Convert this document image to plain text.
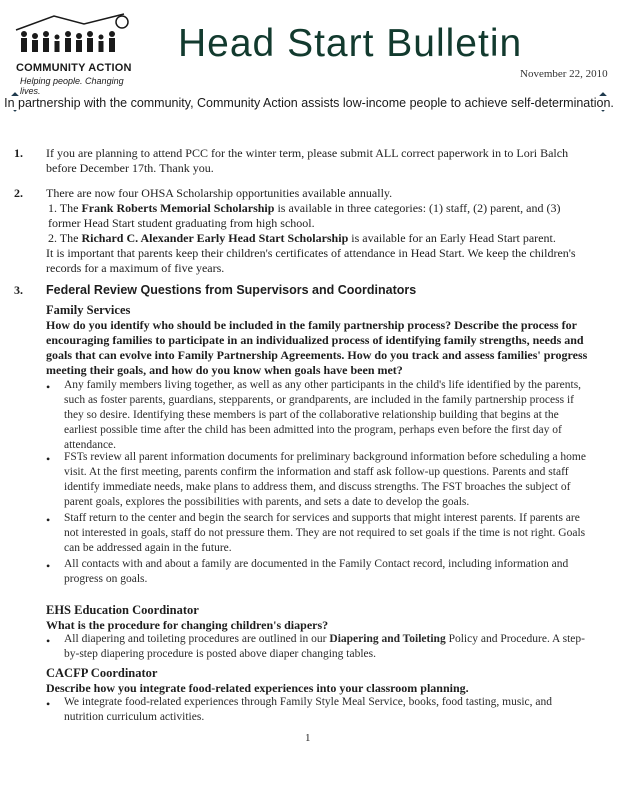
COMMUNITY ACTION
Helping people. Changing lives.
Head Start Bulletin
November 22, 2010
In partnership with the community, Community Action assists low-income people to achieve self-determination.
1. If you are planning to attend PCC for the winter term, please submit ALL correct paperwork in to Lori Balch before December 17th. Thank you.
2. There are now four OHSA Scholarship opportunities available annually.
1. The Frank Roberts Memorial Scholarship is available in three categories: (1) staff, (2) parent, and (3) former Head Start student graduating from high school.
2. The Richard C. Alexander Early Head Start Scholarship is available for an Early Head Start parent.
It is important that parents keep their children's certificates of attendance in Head Start. We keep the children's records for a maximum of five years.
3. Federal Review Questions from Supervisors and Coordinators
Family Services
How do you identify who should be included in the family partnership process? Describe the process for encouraging families to participate in an individualized process of identifying family strengths, needs and goals that can evolve into Family Partnership Agreements. How do you track and assess families' progress meeting their goals, and how do you know when goals have been met?
• Any family members living together, as well as any other participants in the child's life identified by the parents, such as foster parents, guardians, stepparents, or grandparents, are included in the family partnership process if they so desire. Identifying these members is part of the collaborative relationship building that begins at the earliest possible time after the child has been admitted into the program, perhaps even before the first day of attendance.
• FSTs review all parent information documents for preliminary background information before scheduling a home visit. At the first meeting, parents confirm the information and staff ask follow-up questions. Parents and staff identify immediate needs, make plans to address them, and discuss strengths. The FST broaches the subject of parent goals, explores the possibilities with parents, and sets a date to develop the goals.
• Staff return to the center and begin the search for services and supports that might interest parents. If parents are not interested in goals, staff do not pressure them. They are not required to set goals if the time is not right. Goals can be addressed again in the future.
• All contacts with and about a family are documented in the Family Contact record, including information and progress on goals.
EHS Education Coordinator
What is the procedure for changing children's diapers?
• All diapering and toileting procedures are outlined in our Diapering and Toileting Policy and Procedure. A step-by-step diapering procedure is posted above diaper changing tables.
CACFP Coordinator
Describe how you integrate food-related experiences into your classroom planning.
• We integrate food-related experiences through Family Style Meal Service, books, food tasting, music, and nutrition curriculum activities.
1
